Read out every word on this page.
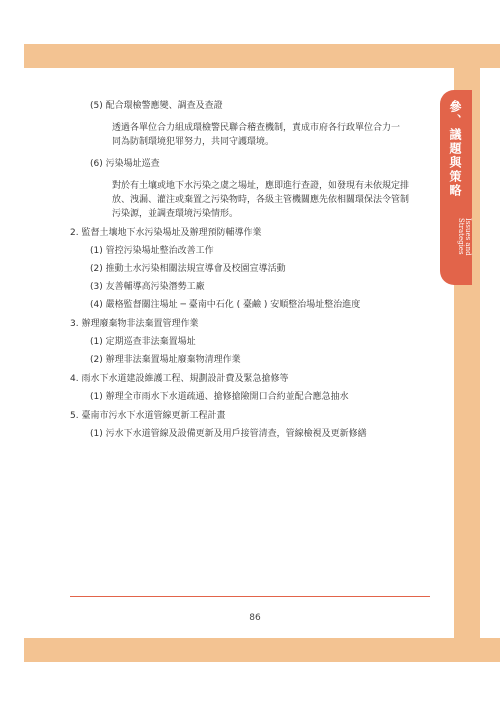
參、議題與策略
Issues and Strategies
(5) 配合環檢警應變、調查及查證
透過各單位合力組成環檢警民聯合稽查機制，責成市府各行政單位合力一
同為防制環境犯罪努力，共同守護環境。
(6) 污染場址巡查
對於有土壤或地下水污染之虞之場址，應即進行查證，如發現有未依規定排
放、洩漏、灌注或棄置之污染物時，各級主管機關應先依相關環保法令管制
污染源，並調查環境污染情形。
2. 監督土壤地下水污染場址及辦理預防輔導作業
(1) 管控污染場址整治改善工作
(2) 推動土水污染相關法規宣導會及校園宣導活動
(3) 友善輔導高污染潛勢工廠
(4) 嚴格監督關注場址 ─ 臺南中石化 ( 臺鹼 ) 安順整治場址整治進度
3. 辦理廢棄物非法棄置管理作業
(1) 定期巡查非法棄置場址
(2) 辦理非法棄置場址廢棄物清理作業
4. 雨水下水道建設維護工程、規劃設計費及緊急搶修等
(1) 辦理全市雨水下水道疏通、搶修搶險開口合約並配合應急抽水
5. 臺南市污水下水道管線更新工程計畫
(1) 污水下水道管線及設備更新及用戶接管清查，管線檢視及更新修繕
86
